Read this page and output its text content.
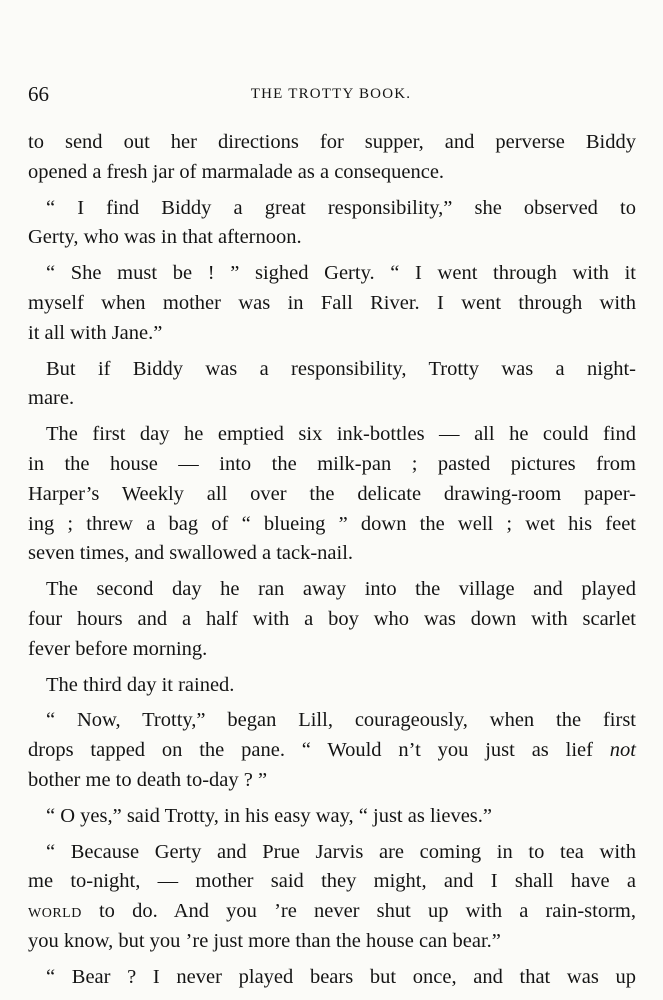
66	THE TROTTY BOOK.
to send out her directions for supper, and perverse Biddy
opened a fresh jar of marmalade as a consequence.
“ I find Biddy a great responsibility,” she observed to
Gerty, who was in that afternoon.
“ She must be ! ” sighed Gerty. “ I went through with it
myself when mother was in Fall River. I went through with
it all with Jane.”
But if Biddy was a responsibility, Trotty was a night-
mare.
The first day he emptied six ink-bottles — all he could find
in the house — into the milk-pan ; pasted pictures from
Harper’s Weekly all over the delicate drawing-room paper-
ing ; threw a bag of “ blueing ” down the well ; wet his feet
seven times, and swallowed a tack-nail.
The second day he ran away into the village and played
four hours and a half with a boy who was down with scarlet
fever before morning.
The third day it rained.
“ Now, Trotty,” began Lill, courageously, when the first
drops tapped on the pane. “ Would n’t you just as lief not
bother me to death to-day ? ”
“ O yes,” said Trotty, in his easy way, “ just as lieves.”
“ Because Gerty and Prue Jarvis are coming in to tea with
me to-night, — mother said they might, and I shall have a
world to do. And you ’re never shut up with a rain-storm,
you know, but you ’re just more than the house can bear.”
“ Bear ? I never played bears but once, and that was up
